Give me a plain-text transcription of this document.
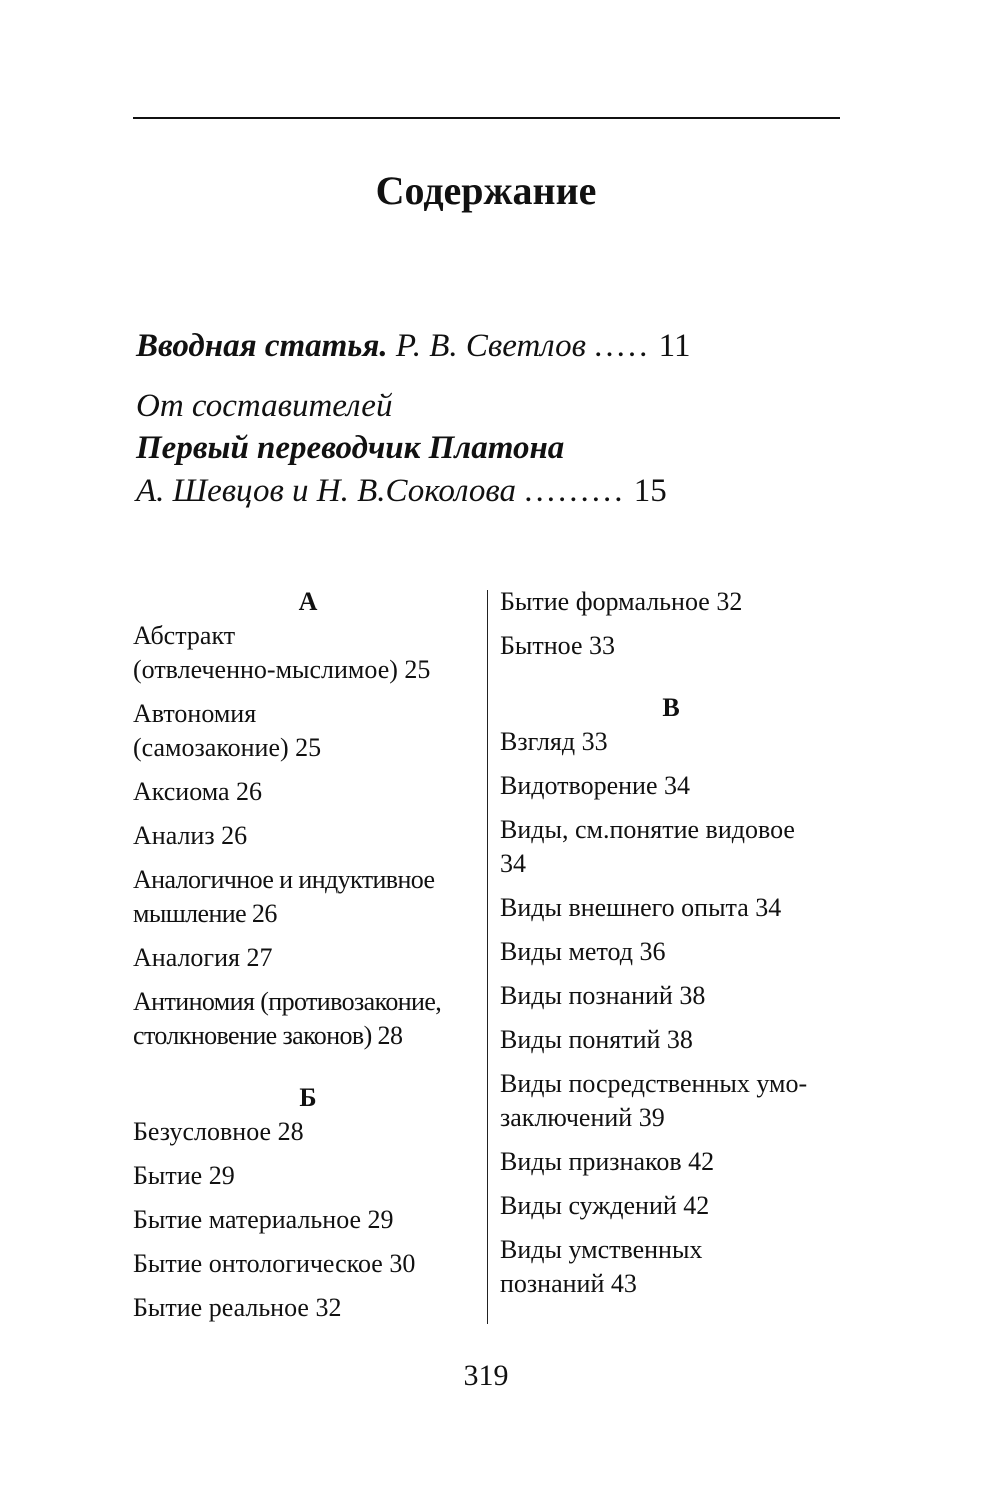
Содержание
Вводная статья. Р. В. Светлов ..... 11
От составителей
Первый переводчик Платона
А. Шевцов и Н. В.Соколова ......... 15
А
Абстракт
(отвлеченно-мыслимое) 25
Автономия
(самозаконие) 25
Аксиома 26
Анализ 26
Аналогичное и индуктивное
мышление 26
Аналогия 27
Антиномия (противозаконие,
столкновение законов) 28
Б
Безусловное 28
Бытие 29
Бытие материальное 29
Бытие онтологическое 30
Бытие реальное 32
Бытие формальное 32
Бытное 33
В
Взгляд 33
Видотворение 34
Виды, см.понятие видовое
34
Виды внешнего опыта 34
Виды метод 36
Виды познаний 38
Виды понятий 38
Виды посредственных умо-
заключений 39
Виды признаков 42
Виды суждений 42
Виды умственных
познаний 43
319
